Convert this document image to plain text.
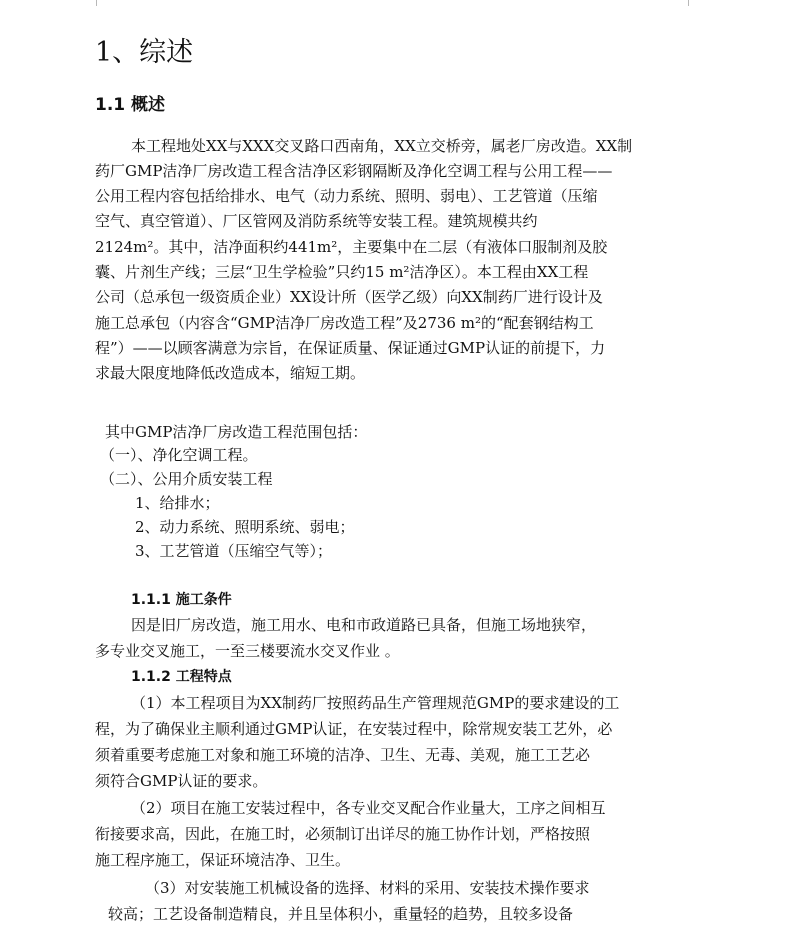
1、综述
1.1 概述
本工程地处XX与XXX交叉路口西南角，XX立交桥旁，属老厂房改造。XX制
药厂GMP洁净厂房改造工程含洁净区彩钢隔断及净化空调工程与公用工程——
公用工程内容包括给排水、电气（动力系统、照明、弱电）、工艺管道（压缩
空气、真空管道）、厂区管网及消防系统等安装工程。建筑规模共约
2124m²。其中，洁净面积约441m²，主要集中在二层（有液体口服制剂及胶
囊、片剂生产线；三层“卫生学检验”只约15 m²洁净区）。本工程由XX工程
公司（总承包一级资质企业）XX设计所（医学乙级）向XX制药厂进行设计及
施工总承包（内容含“GMP洁净厂房改造工程”及2736 m²的“配套钢结构工
程”）——以顾客满意为宗旨，在保证质量、保证通过GMP认证的前提下，力
求最大限度地降低改造成本，缩短工期。
其中GMP洁净厂房改造工程范围包括：
（一）、净化空调工程。
（二）、公用介质安装工程
1、给排水；
2、动力系统、照明系统、弱电；
3、工艺管道（压缩空气等）；
1.1.1 施工条件
因是旧厂房改造，施工用水、电和市政道路已具备，但施工场地狭窄，
多专业交叉施工，一至三楼要流水交叉作业 。
1.1.2 工程特点
（1）本工程项目为XX制药厂按照药品生产管理规范GMP的要求建设的工
程，为了确保业主顺利通过GMP认证，在安装过程中，除常规安装工艺外，必
须着重要考虑施工对象和施工环境的洁净、卫生、无毒、美观，施工工艺必
须符合GMP认证的要求。
（2）项目在施工安装过程中，各专业交叉配合作业量大，工序之间相互
衔接要求高，因此，在施工时，必须制订出详尽的施工协作计划，严格按照
施工程序施工，保证环境洁净、卫生。
（3）对安装施工机械设备的选择、材料的采用、安装技术操作要求
较高；工艺设备制造精良，并且呈体积小，重量轻的趋势，且较多设备
